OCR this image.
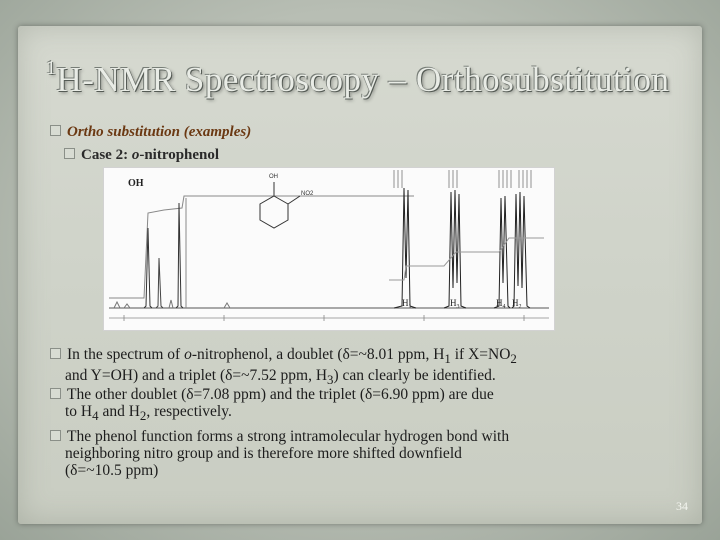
$^1$H-NMR Spectroscopy – Orthosubstitution
Ortho substitution (examples)
Case 2: o-nitrophenol
OH
OH
NO2
$H_1$	$H_3$	$H_4$ $H_2$
In the spectrum of o-nitrophenol, a doublet (δ=~8.01 ppm, $H_1$ if $X=NO_2$
and Y=OH) and a triplet (δ=~7.52 ppm, $H_3$) can clearly be identified.
The other doublet (δ=7.08 ppm) and the triplet (δ=6.90 ppm) are due
to $H_4$ and $H_2$, respectively.
The phenol function forms a strong intramolecular hydrogen bond with
neighboring nitro group and is therefore more shifted downfield
(δ=~10.5 ppm)
34
